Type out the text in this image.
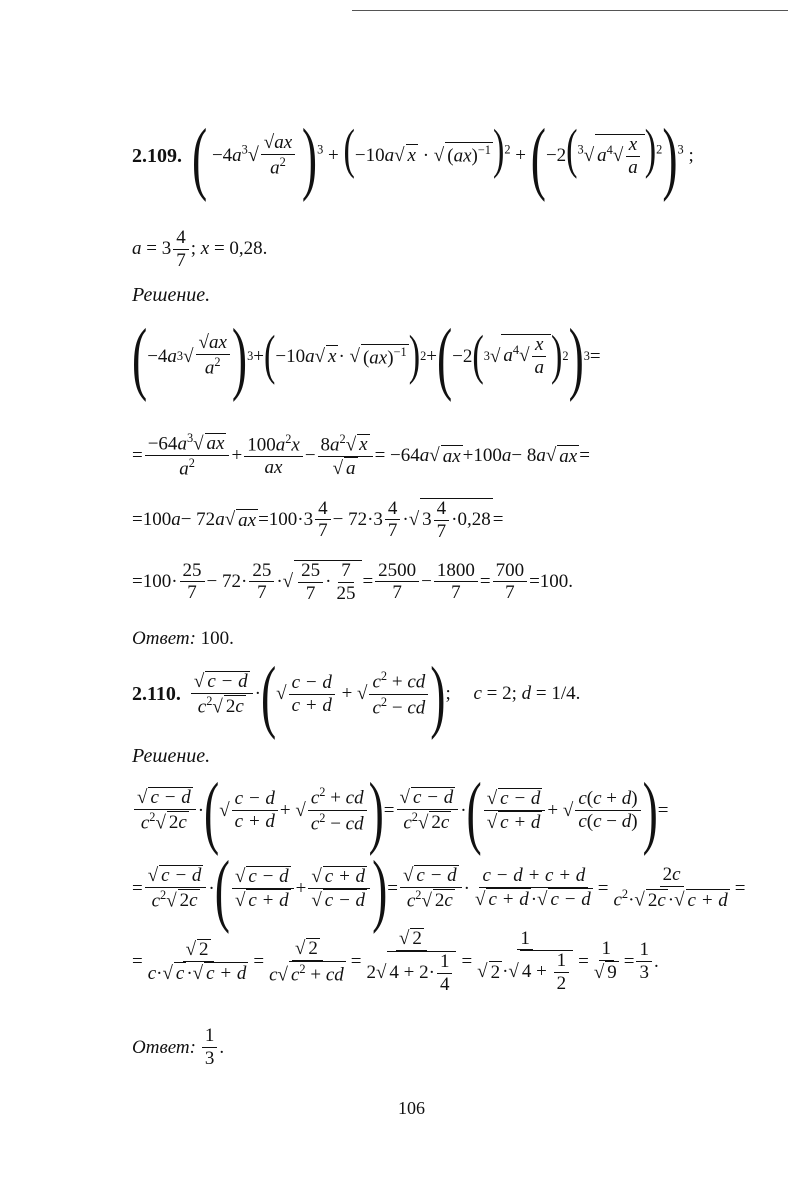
2.109. ( $-4a^3√ \frac{√ax}{a^2} )^3 + (-10a√$ x · √ (ax)$^{-1}$)$^2$ + (−2($^3$√ $a^4√ \frac{x}{a} )^2)^3$ ;
$a = 3 \frac{4}{7}$ ; x = 0,28.
Решение.
( −4 a 3 √ $\frac{√ax}{a^2}$ ) 3 + ( −10 a √ x · √ (ax)$^{-1}$ ) 2 + ( −2 ( 3 √ $a^4√ \frac{x}{a}$ ) 2 ) 3 =
= $\frac{-64a^3√ ax}{a^2} + \frac{100a^2x}{ax} - \frac{8a^2√ x}{√ a} = -64$ a √ ax +100 a − 8 a √ ax =
=100 a − 72 a √ ax $=100\cdot 3 \frac{4}{7} - 72\cdot 3 \frac{4}{7}$ ·√ $3 \frac{4}{7} \cdot 0,28$ =
$=100\cdot \frac{25}{7} - 72\cdot \frac{25}{7}$ ·√ $\frac{25}{7} \cdot \frac{7}{25} = \frac{2500}{7} - \frac{1800}{7} = \frac{700}{7} =100$.
Ответ: 100.
2.110. $\frac{√ c - d}{c^2√ 2c}$ ·(√ $\frac{c - d}{c + d}$ + √ $\frac{c^2 + cd}{c^2 - cd}$ ); c = 2; d = 1/4.
Решение.
$\frac{√ c - d}{c^2√ 2c}$ · ( √ $\frac{c - d}{c + d}$ + √ $\frac{c^2 + cd}{c^2 - cd}$ ) = $\frac{√ c - d}{c^2√ 2c}$ · ( $\frac{√ c - d}{√ c + d}$ + √ $\frac{c(c + d)}{c(c - d)}$ ) =
= $\frac{√ c - d}{c^2√ 2c}$ · ( $\frac{√ c - d}{√ c + d} + \frac{√ c + d}{√ c - d}$ ) = $\frac{√ c - d}{c^2√ 2c} \cdot \frac{c - d + c + d}{√ c + d \cdot√ c - d} = \frac{2c}{c^2\cdot√ 2c \cdot√ c + d}$ =
= $\frac{√ 2}{c\cdot√ c \cdot√ c + d} = \frac{√ 2}{c√ c^2 + cd} = \frac{√ 2}{2√ 4 + 2\cdot \frac{1}{4}} = \frac{1}{√ 2 \cdot√ 4 + \frac{1}{2}} = \frac{1}{√ 9} = \frac{1}{3}$ .
Ответ: $\frac{1}{3}$ .
106
